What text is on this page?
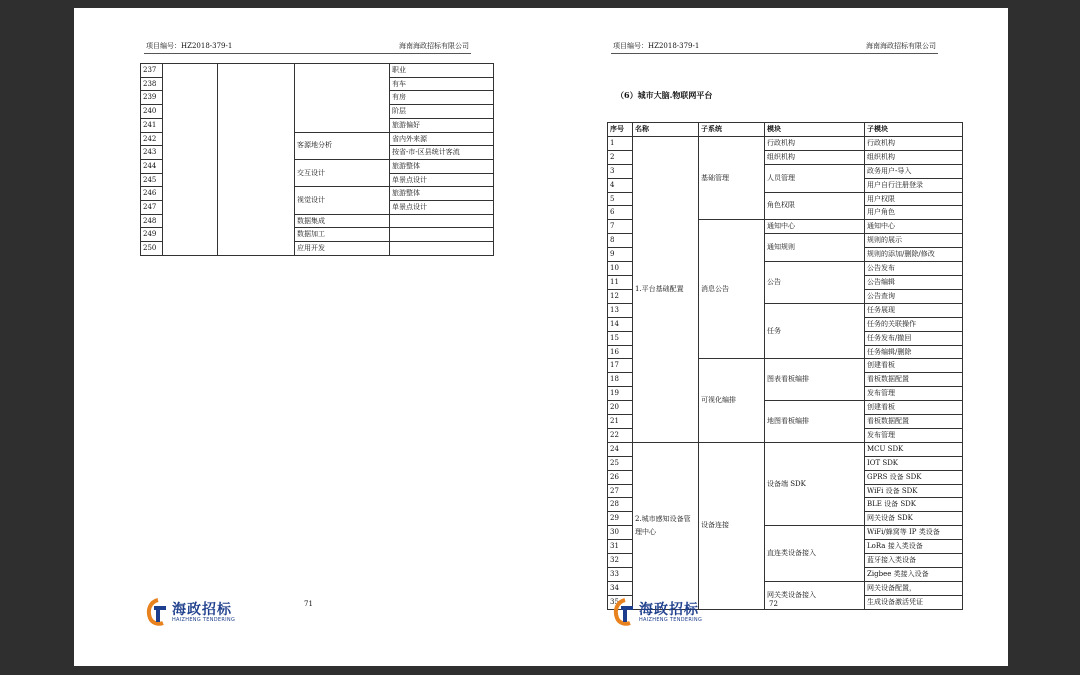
项目编号：HZ2018-379-1	海南海政招标有限公司
237				职业
238				有车
239				有房
240				阶层
241				旅游偏好
242			客源地分析	省内外来源
243				按省-市-区县统计客流
244			交互设计	旅游整体
245				单景点设计
246			视觉设计	旅游整体
247				单景点设计
248			数据集成	
249			数据加工	
250			应用开发	
海政招标
HAIZHENG TENDERING
71
项目编号：HZ2018-379-1	海南海政招标有限公司
（6）城市大脑.物联网平台
序号	名称	子系统	模块	子模块
1	1.平台基础配置	基础管理	行政机构	行政机构
2			组织机构	组织机构
3			人员管理	政务用户-导入
4				用户自行注册登录
5			角色权限	用户权限
6				用户角色
7		消息公告	通知中心	通知中心
8			通知规则	规则的展示
9				规则的添加/删除/修改
10			公告	公告发布
11				公告编辑
12				公告查询
13			任务	任务展现
14				任务的关联操作
15				任务发布/撤回
16				任务编辑/删除
17		可视化编排	图表看板编排	创建看板
18				看板数据配置
19				发布管理
20			地图看板编排	创建看板
21				看板数据配置
22				发布管理
24	2.城市感知设备管理中心	设备连接	设备端 SDK	MCU SDK
25				IOT SDK
26				GPRS 设备 SDK
27				WiFi 设备 SDK
28				BLE 设备 SDK
29				网关设备 SDK
30			直连类设备接入	WiFi/蜂窝等 IP 类设备
31				LoRa 接入类设备
32				蓝牙接入类设备
33				Zigbee 类接入设备
34			网关类设备接入	网关设备配置，
35				生成设备激活凭证
海政招标
HAIZHENG TENDERING
72
